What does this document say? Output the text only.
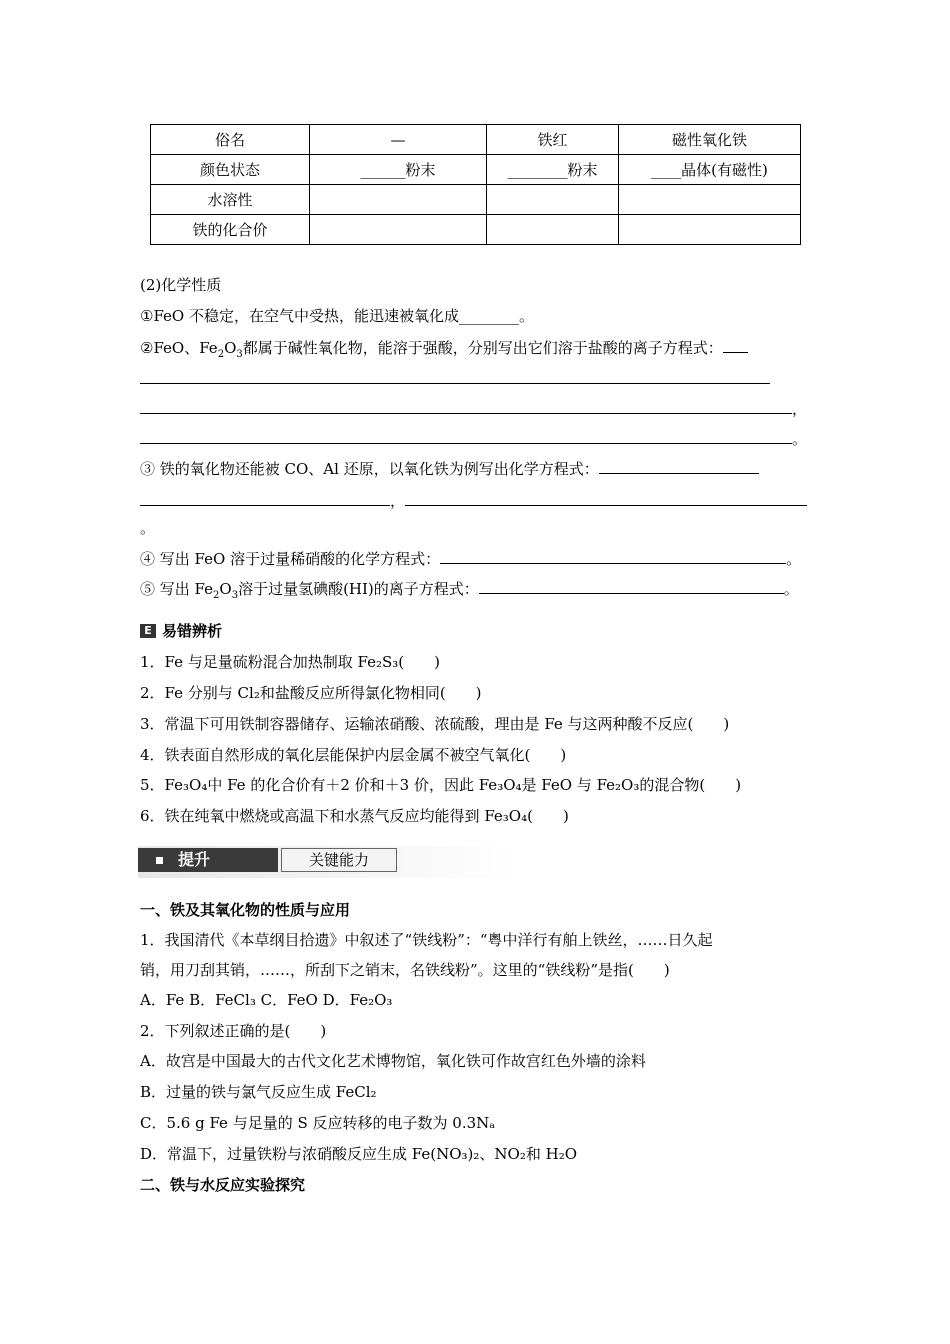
俗名	—	铁红	磁性氧化铁
颜色状态	______粉末	________粉末	____晶体(有磁性)
水溶性			
铁的化合价			
(2)化学性质
①FeO 不稳定，在空气中受热，能迅速被氧化成________。
②FeO、$Fe_2O_3$都属于碱性氧化物，能溶于强酸，分别写出它们溶于盐酸的离子方程式：
，
。
③ 铁的氧化物还能被 CO、Al 还原，以氧化铁为例写出化学方程式：
，
。
④ 写出 FeO 溶于过量稀硝酸的化学方程式：	。
⑤ 写出 $Fe_2O_3$溶于过量氢碘酸(HI)的离子方程式：	。
E 易错辨析
1．Fe 与足量硫粉混合加热制取 Fe₂S₃(　　)
2．Fe 分别与 Cl₂和盐酸反应所得氯化物相同(　　)
3．常温下可用铁制容器储存、运输浓硝酸、浓硫酸，理由是 Fe 与这两种酸不反应(　　)
4．铁表面自然形成的氧化层能保护内层金属不被空气氧化(　　)
5．Fe₃O₄中 Fe 的化合价有＋2 价和＋3 价，因此 Fe₃O₄是 FeO 与 Fe₂O₃的混合物(　　)
6．铁在纯氧中燃烧或高温下和水蒸气反应均能得到 Fe₃O₄(　　)
提升	关键能力
一、铁及其氧化物的性质与应用
1．我国清代《本草纲目拾遗》中叙述了“铁线粉”：“粤中洋行有舶上铁丝，……日久起
销，用刀刮其销，……，所刮下之销末，名铁线粉”。这里的“铁线粉”是指(　　)
A．Fe B．FeCl₃ C．FeO D．Fe₂O₃
2．下列叙述正确的是(　　)
A．故宫是中国最大的古代文化艺术博物馆，氧化铁可作故宫红色外墙的涂料
B．过量的铁与氯气反应生成 FeCl₂
C．5.6 g Fe 与足量的 S 反应转移的电子数为 0.3Nₐ
D．常温下，过量铁粉与浓硝酸反应生成 Fe(NO₃)₂、NO₂和 H₂O
二、铁与水反应实验探究
